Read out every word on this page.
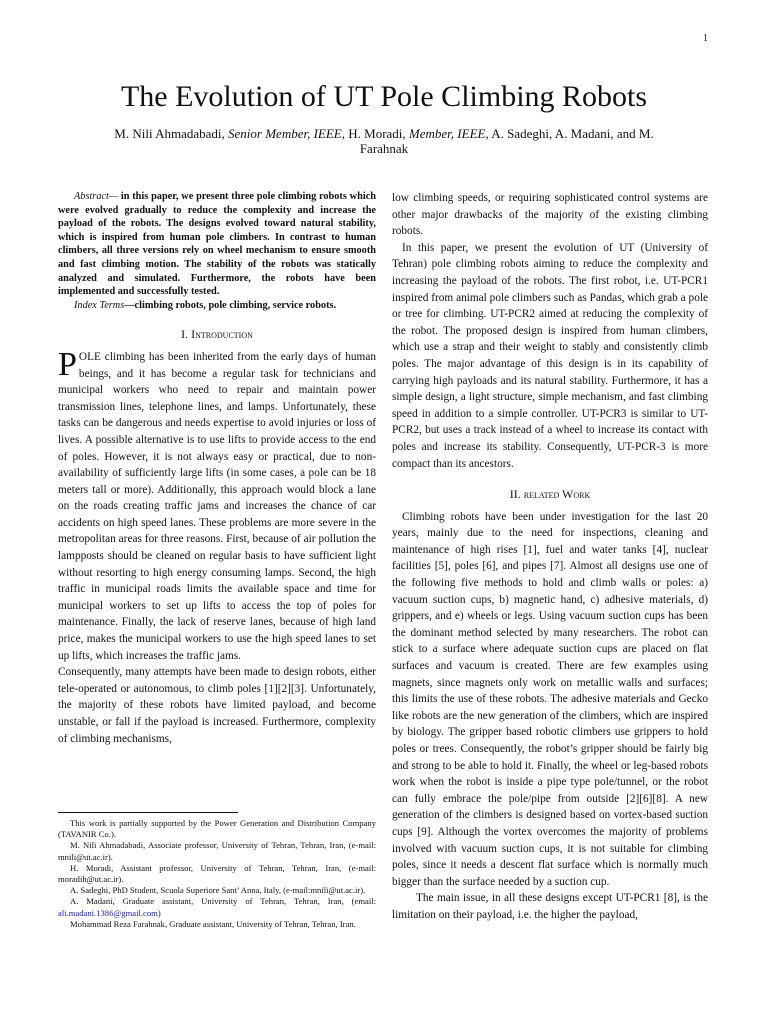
1
The Evolution of UT Pole Climbing Robots
M. Nili Ahmadabadi, Senior Member, IEEE, H. Moradi, Member, IEEE, A. Sadeghi, A. Madani, and M. Farahnak

Abstract— in this paper, we present three pole climbing robots which were evolved gradually to reduce the complexity and increase the payload of the robots. The designs evolved toward natural stability, which is inspired from human pole climbers. In contrast to human climbers, all three versions rely on wheel mechanism to ensure smooth and fast climbing motion. The stability of the robots was statically analyzed and simulated. Furthermore, the robots have been implemented and successfully tested.

Index Terms—climbing robots, pole climbing, service robots.

I. Introduction

POLE climbing has been inherited from the early days of human beings, and it has become a regular task for technicians and municipal workers who need to repair and maintain power transmission lines, telephone lines, and lamps. Unfortunately, these tasks can be dangerous and needs expertise to avoid injuries or loss of lives. A possible alternative is to use lifts to provide access to the end of poles. However, it is not always easy or practical, due to non-availability of sufficiently large lifts (in some cases, a pole can be 18 meters tall or more). Additionally, this approach would block a lane on the roads creating traffic jams and increases the chance of car accidents on high speed lanes. These problems are more severe in the metropolitan areas for three reasons. First, because of air pollution the lampposts should be cleaned on regular basis to have sufficient light without resorting to high energy consuming lamps. Second, the high traffic in municipal roads limits the available space and time for municipal workers to set up lifts to access the top of poles for maintenance. Finally, the lack of reserve lanes, because of high land price, makes the municipal workers to use the high speed lanes to set up lifts, which increases the traffic jams.

Consequently, many attempts have been made to design robots, either tele-operated or autonomous, to climb poles [1][2][3]. Unfortunately, the majority of these robots have limited payload, and become unstable, or fall if the payload is increased. Furthermore, complexity of climbing mechanisms,

This work is partially supported by the Power Generation and Distribution Company (TAVANIR Co.).

M. Nili Ahmadabadi, Associate professor, University of Tehran, Tehran, Iran, (e-mail: mnili@ut.ac.ir).

H. Moradi, Assistant professor, University of Tehran, Tehran, Iran, (e-mail: moradih@ut.ac.ir).

A. Sadeghi, PhD Student, Scuola Superiore Sant’ Anna, Italy, (e-mail:mnili@ut.ac.ir).

A. Madani, Graduate assistant, University of Tehran, Tehran, Iran, (email: ali.madani.1386@gmail.com)

Mohammad Reza Farahnak, Graduate assistant, University of Tehran, Tehran, Iran.

low climbing speeds, or requiring sophisticated control systems are other major drawbacks of the majority of the existing climbing robots.

In this paper, we present the evolution of UT (University of Tehran) pole climbing robots aiming to reduce the complexity and increasing the payload of the robots. The first robot, i.e. UT-PCR1 inspired from animal pole climbers such as Pandas, which grab a pole or tree for climbing. UT-PCR2 aimed at reducing the complexity of the robot. The proposed design is inspired from human climbers, which use a strap and their weight to stably and consistently climb poles. The major advantage of this design is in its capability of carrying high payloads and its natural stability. Furthermore, it has a simple design, a light structure, simple mechanism, and fast climbing speed in addition to a simple controller. UT-PCR3 is similar to UT-PCR2, but uses a track instead of a wheel to increase its contact with poles and increase its stability. Consequently, UT-PCR-3 is more compact than its ancestors.

II. related Work

Climbing robots have been under investigation for the last 20 years, mainly due to the need for inspections, cleaning and maintenance of high rises [1], fuel and water tanks [4], nuclear facilities [5], poles [6], and pipes [7]. Almost all designs use one of the following five methods to hold and climb walls or poles: a) vacuum suction cups, b) magnetic hand, c) adhesive materials, d) grippers, and e) wheels or legs. Using vacuum suction cups has been the dominant method selected by many researchers. The robot can stick to a surface where adequate suction cups are placed on flat surfaces and vacuum is created. There are few examples using magnets, since magnets only work on metallic walls and surfaces; this limits the use of these robots. The adhesive materials and Gecko like robots are the new generation of the climbers, which are inspired by biology. The gripper based robotic climbers use grippers to hold poles or trees. Consequently, the robot’s gripper should be fairly big and strong to be able to hold it. Finally, the wheel or leg-based robots work when the robot is inside a pipe type pole/tunnel, or the robot can fully embrace the pole/pipe from outside [2][6][8]. A new generation of the climbers is designed based on vortex-based suction cups [9]. Although the vortex overcomes the majority of problems involved with vacuum suction cups, it is not suitable for climbing poles, since it needs a descent flat surface which is normally much bigger than the surface needed by a suction cup.

The main issue, in all these designs except UT-PCR1 [8], is the limitation on their payload, i.e. the higher the payload,
